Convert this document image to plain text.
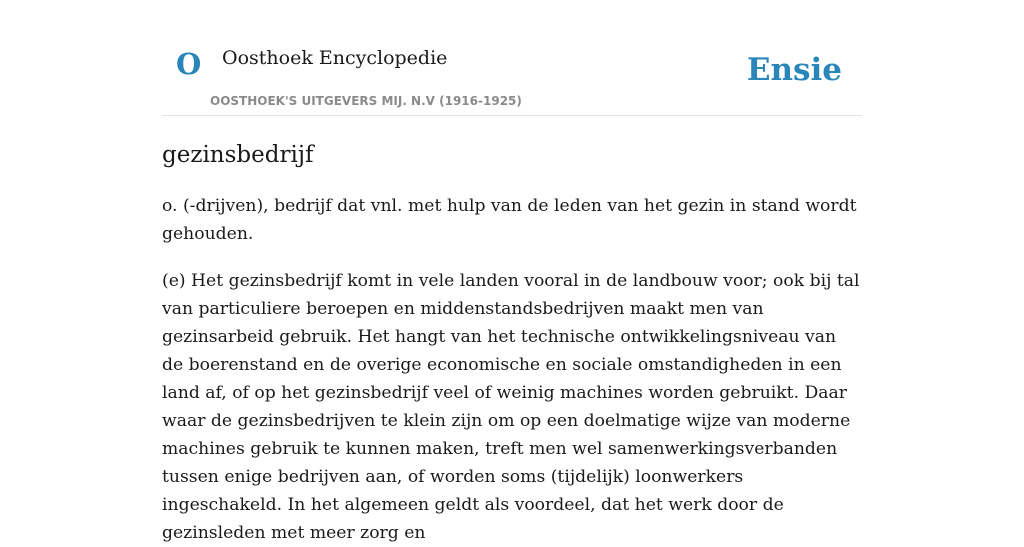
O Oosthoek Encyclopedie
OOSTHOEK'S UITGEVERS MIJ. N.V (1916-1925)
Ensie
gezinsbedrijf

o. (-drijven), bedrijf dat vnl. met hulp van de leden van het gezin in stand wordt gehouden.

(e) Het gezinsbedrijf komt in vele landen vooral in de landbouw voor; ook bij tal van particuliere beroepen en middenstandsbedrijven maakt men van gezinsarbeid gebruik. Het hangt van het technische ontwikkelingsniveau van de boerenstand en de overige economische en sociale omstandigheden in een land af, of op het gezinsbedrijf veel of weinig machines worden gebruikt. Daar waar de gezinsbedrijven te klein zijn om op een doelmatige wijze van moderne machines gebruik te kunnen maken, treft men wel samenwerkingsverbanden tussen enige bedrijven aan, of worden soms (tijdelijk) loonwerkers ingeschakeld. In het algemeen geldt als voordeel, dat het werk door de gezinsleden met meer zorg en
